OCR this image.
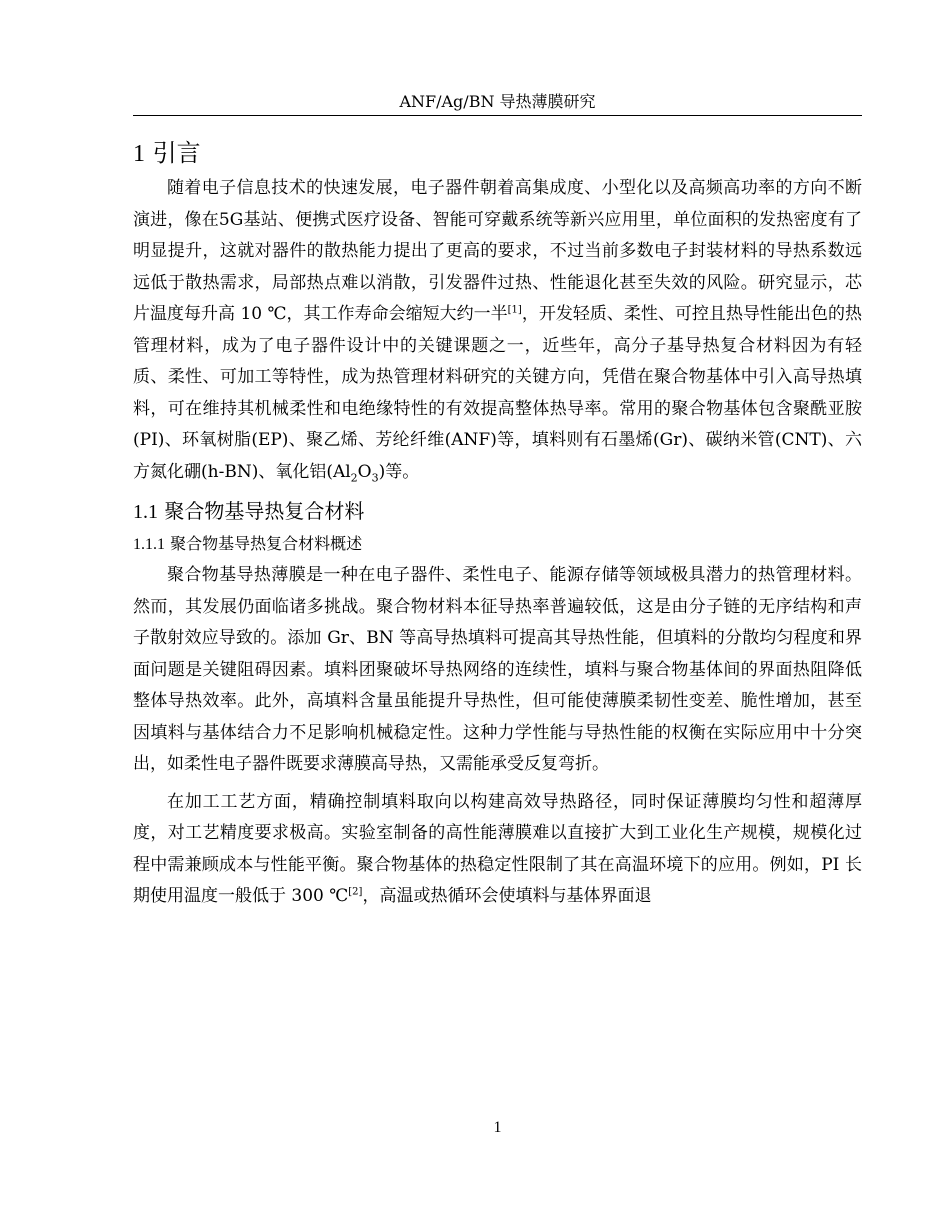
ANF/Ag/BN 导热薄膜研究
1 引言

随着电子信息技术的快速发展，电子器件朝着高集成度、小型化以及高频高功率的方向不断演进，像在5G基站、便携式医疗设备、智能可穿戴系统等新兴应用里，单位面积的发热密度有了明显提升，这就对器件的散热能力提出了更高的要求，不过当前多数电子封装材料的导热系数远远低于散热需求，局部热点难以消散，引发器件过热、性能退化甚至失效的风险。研究显示，芯片温度每升高 10 ℃，其工作寿命会缩短大约一半[1]，开发轻质、柔性、可控且热导性能出色的热管理材料，成为了电子器件设计中的关键课题之一，近些年，高分子基导热复合材料因为有轻质、柔性、可加工等特性，成为热管理材料研究的关键方向，凭借在聚合物基体中引入高导热填料，可在维持其机械柔性和电绝缘特性的有效提高整体热导率。常用的聚合物基体包含聚酰亚胺(PI)、环氧树脂(EP)、聚乙烯、芳纶纤维(ANF)等，填料则有石墨烯(Gr)、碳纳米管(CNT)、六方氮化硼(h-BN)、氧化铝$(Al_2O_3)$等。

1.1 聚合物基导热复合材料
1.1.1 聚合物基导热复合材料概述

聚合物基导热薄膜是一种在电子器件、柔性电子、能源存储等领域极具潜力的热管理材料。然而，其发展仍面临诸多挑战。聚合物材料本征导热率普遍较低，这是由分子链的无序结构和声子散射效应导致的。添加 Gr、BN 等高导热填料可提高其导热性能，但填料的分散均匀程度和界面问题是关键阻碍因素。填料团聚破坏导热网络的连续性，填料与聚合物基体间的界面热阻降低整体导热效率。此外，高填料含量虽能提升导热性，但可能使薄膜柔韧性变差、脆性增加，甚至因填料与基体结合力不足影响机械稳定性。这种力学性能与导热性能的权衡在实际应用中十分突出，如柔性电子器件既要求薄膜高导热，又需能承受反复弯折。

在加工工艺方面，精确控制填料取向以构建高效导热路径，同时保证薄膜均匀性和超薄厚度，对工艺精度要求极高。实验室制备的高性能薄膜难以直接扩大到工业化生产规模，规模化过程中需兼顾成本与性能平衡。聚合物基体的热稳定性限制了其在高温环境下的应用。例如，PI 长期使用温度一般低于 300 ℃[2]，高温或热循环会使填料与基体界面退

1
